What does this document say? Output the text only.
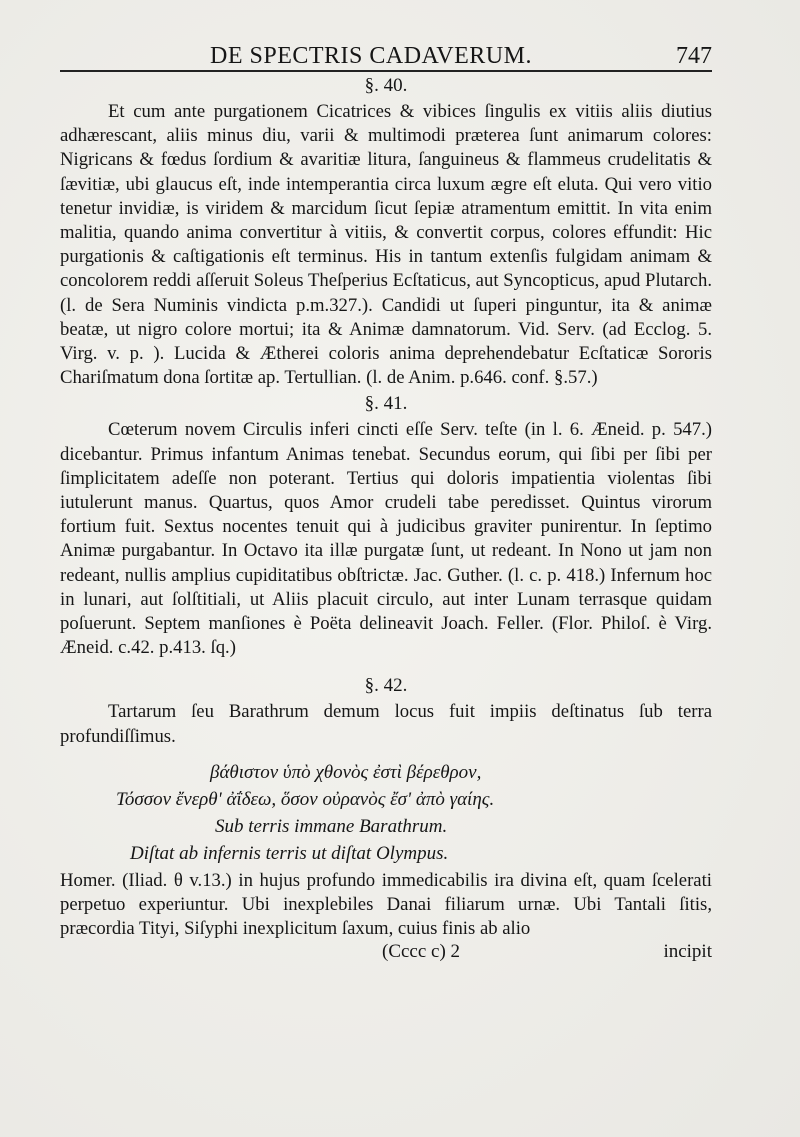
DE SPECTRIS CADAVERUM.	747
§. 40.

Et cum ante purgationem Cicatrices & vibices ſingulis ex vitiis aliis diutius adhærescant, aliis minus diu, varii & multimodi præterea ſunt animarum colores: Nigricans & fœdus ſordium & avaritiæ litura, ſanguineus & flammeus crudelitatis & ſævitiæ, ubi glaucus eſt, inde intemperantia circa luxum ægre eſt eluta. Qui vero vitio tenetur invidiæ, is viridem & marcidum ſicut ſepiæ atramentum emittit. In vita enim malitia, quando anima convertitur à vitiis, & convertit corpus, colores effundit: Hic purgationis & caſtigationis eſt terminus. His in tantum extenſis fulgidam animam & concolorem reddi aſſeruit Soleus Theſperius Ecſtaticus, aut Syncopticus, apud Plutarch. (l. de Sera Numinis vindicta p.m.327.). Candidi ut ſuperi pinguntur, ita & animæ beatæ, ut nigro colore mortui; ita & Animæ damnatorum. Vid. Serv. (ad Ecclog. 5. Virg. v. p. ). Lucida & Ætherei coloris anima deprehendebatur Ecſtaticæ Sororis Chariſmatum dona ſortitæ ap. Tertullian. (l. de Anim. p.646. conf. §.57.)

§. 41.

Cœterum novem Circulis inferi cincti eſſe Serv. teſte (in l. 6. Æneid. p. 547.) dicebantur. Primus infantum Animas tenebat. Secundus eorum, qui ſibi per ſibi per ſimplicitatem adeſſe non poterant. Tertius qui doloris impatientia violentas ſibi iutulerunt manus. Quartus, quos Amor crudeli tabe peredisset. Quintus virorum fortium fuit. Sextus nocentes tenuit qui à judicibus graviter punirentur. In ſeptimo Animæ purgabantur. In Octavo ita illæ purgatæ ſunt, ut redeant. In Nono ut jam non redeant, nullis amplius cupiditatibus obſtrictæ. Jac. Guther. (l. c. p. 418.) Infernum hoc in lunari, aut ſolſtitiali, ut Aliis placuit circulo, aut inter Lunam terrasque quidam poſuerunt. Septem manſiones è Poëta delineavit Joach. Feller. (Flor. Philoſ. è Virg. Æneid. c.42. p.413. ſq.)

§. 42.

Tartarum ſeu Barathrum demum locus fuit impiis deſtinatus ſub terra profundiſſimus.

βάθιστον ὑπὸ χθονὸς ἐστὶ βέρεθρον,
Τόσσον ἔνερθ' ἀΐδεω, ὅσον οὐρανὸς ἔσ' ἀπὸ γαίης.
Sub terris immane Barathrum.
Diſtat ab infernis terris ut diſtat Olympus.

Homer. (Iliad. θ v.13.) in hujus profundo immedicabilis ira divina eſt, quam ſcelerati perpetuo experiuntur. Ubi inexplebiles Danai filiarum urnæ. Ubi Tantali ſitis, præcordia Tityi, Siſyphi inexplicitum ſaxum, cuius finis ab alio

(Cccc c) 2	incipit
